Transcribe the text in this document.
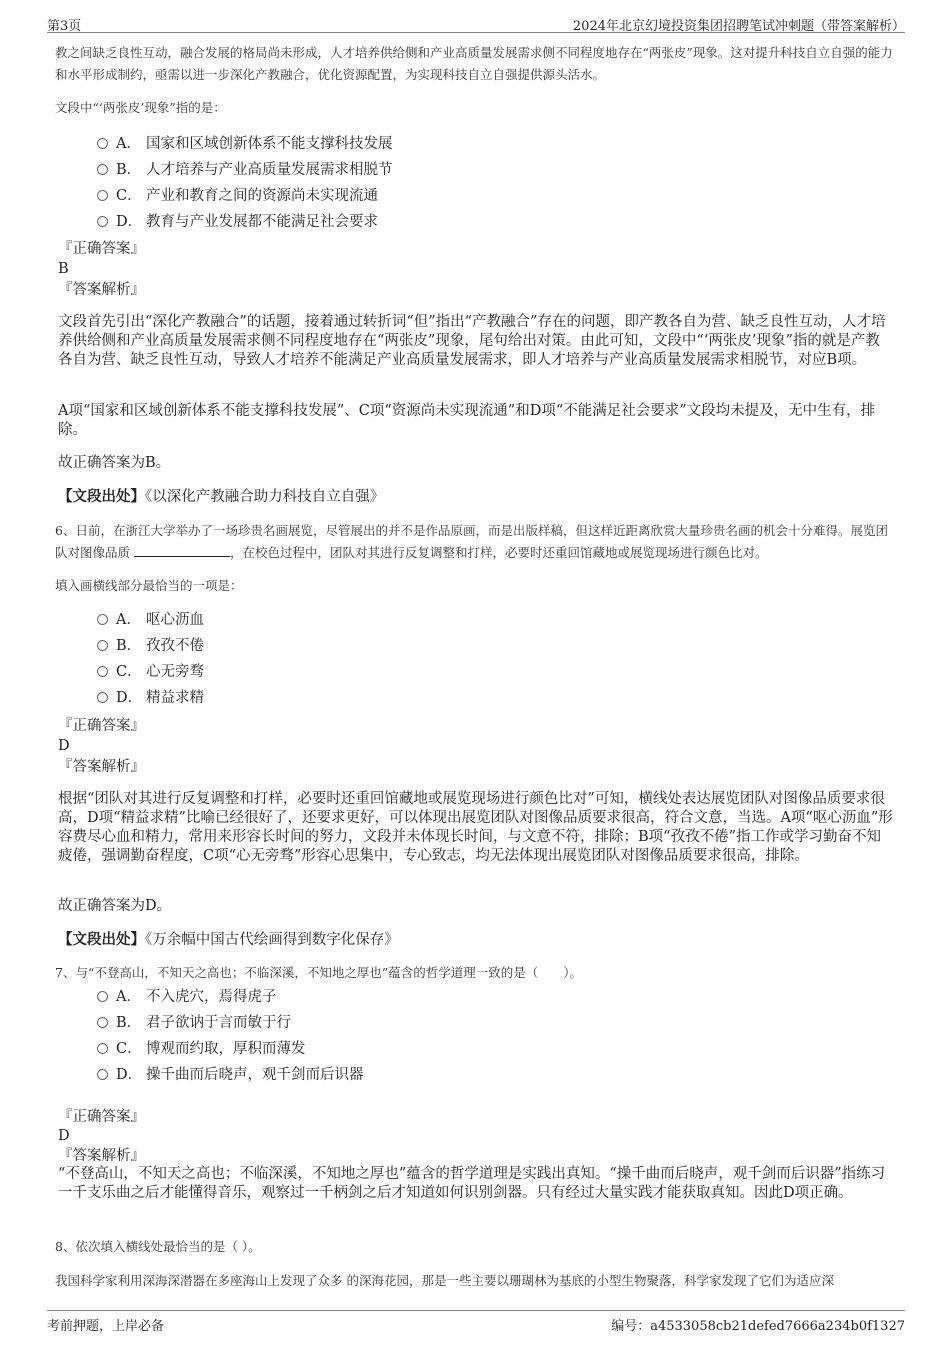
第3页	2024年北京幻境投资集团招聘笔试冲刺题（带答案解析）
教之间缺乏良性互动，融合发展的格局尚未形成，人才培养供给侧和产业高质量发展需求侧不同程度地存在“两张皮”现象。这对提升科技自立自强的能力和水平形成制约，亟需以进一步深化产教融合，优化资源配置，为实现科技自立自强提供源头活水。
文段中“‘两张皮’现象”指的是：
A． 国家和区域创新体系不能支撑科技发展
B． 人才培养与产业高质量发展需求相脱节
C． 产业和教育之间的资源尚未实现流通
D． 教育与产业发展都不能满足社会要求
『正确答案』
B
『答案解析』
文段首先引出“深化产教融合”的话题，接着通过转折词“但”指出“产教融合”存在的问题，即产教各自为营、缺乏良性互动，人才培养供给侧和产业高质量发展需求侧不同程度地存在“两张皮”现象，尾句给出对策。由此可知，文段中“‘两张皮’现象”指的就是产教各自为营、缺乏良性互动，导致人才培养不能满足产业高质量发展需求，即人才培养与产业高质量发展需求相脱节，对应B项。
A项“国家和区域创新体系不能支撑科技发展”、C项“资源尚未实现流通”和D项“不能满足社会要求”文段均未提及，无中生有，排除。
故正确答案为B。
【文段出处】《以深化产教融合助力科技自立自强》
6、日前，在浙江大学举办了一场珍贵名画展览，尽管展出的并不是作品原画，而是出版样稿，但这样近距离欣赏大量珍贵名画的机会十分难得。展览团队对图像品质	，在校色过程中，团队对其进行反复调整和打样，必要时还重回馆藏地或展览现场进行颜色比对。
填入画横线部分最恰当的一项是：
A． 呕心沥血
B． 孜孜不倦
C． 心无旁骛
D． 精益求精
『正确答案』
D
『答案解析』
根据“团队对其进行反复调整和打样，必要时还重回馆藏地或展览现场进行颜色比对”可知，横线处表达展览团队对图像品质要求很高，D项“精益求精”比喻已经很好了，还要求更好，可以体现出展览团队对图像品质要求很高，符合文意，当选。A项“呕心沥血”形容费尽心血和精力，常用来形容长时间的努力，文段并未体现长时间，与文意不符，排除；B项“孜孜不倦”指工作或学习勤奋不知疲倦，强调勤奋程度，C项“心无旁骛”形容心思集中，专心致志，均无法体现出展览团队对图像品质要求很高，排除。
故正确答案为D。
【文段出处】《万余幅中国古代绘画得到数字化保存》
7、与“不登高山，不知天之高也；不临深溪，不知地之厚也”蕴含的哲学道理一致的是（　　）。
A． 不入虎穴，焉得虎子
B． 君子欲讷于言而敏于行
C． 博观而约取，厚积而薄发
D． 操千曲而后晓声，观千剑而后识器
『正确答案』
D
『答案解析』
“不登高山，不知天之高也；不临深溪，不知地之厚也”蕴含的哲学道理是实践出真知。“操千曲而后晓声，观千剑而后识器”指练习一千支乐曲之后才能懂得音乐，观察过一千柄剑之后才知道如何识别剑器。只有经过大量实践才能获取真知。因此D项正确。
8、依次填入横线处最恰当的是（ ）。
我国科学家利用深海深潜器在多座海山上发现了众多 的深海花园，那是一些主要以珊瑚林为基底的小型生物聚落，科学家发现了它们为适应深
考前押题，上岸必备	编号：a4533058cb21defed7666a234b0f1327
